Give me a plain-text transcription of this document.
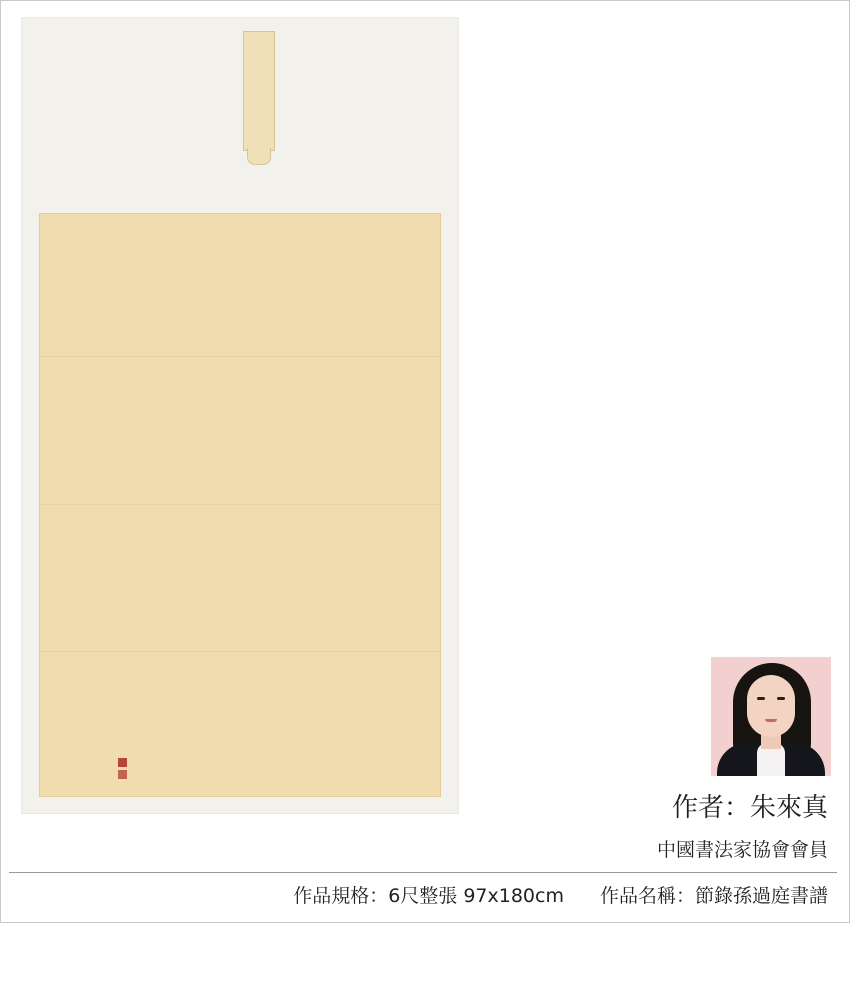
作者：朱來真
中國書法家協會會員
作品規格：6尺整張 97x180cm 作品名稱：節錄孫過庭書譜
